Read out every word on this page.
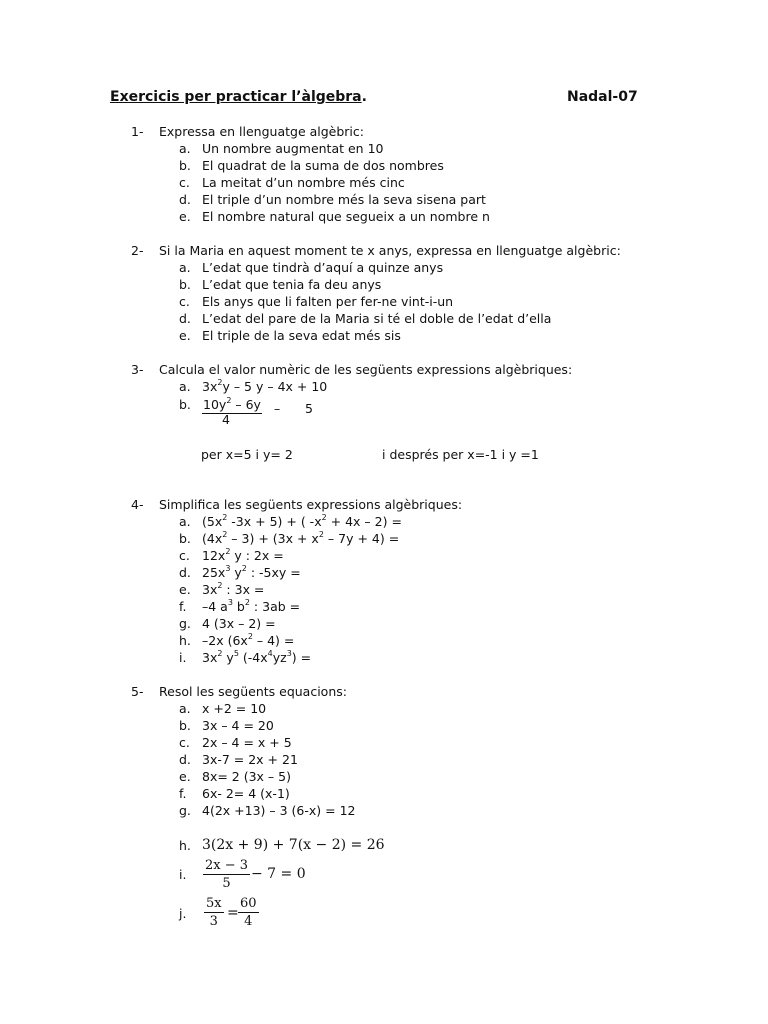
Exercicis per practicar l’àlgebra.	Nadal-07
1- Expressa en llenguatge algèbric:
a. Un nombre augmentat en 10
b. El quadrat de la suma de dos nombres
c. La meitat d’un nombre més cinc
d. El triple d’un nombre més la seva sisena part
e. El nombre natural que segueix a un nombre n
2- Si la Maria en aquest moment te x anys, expressa en llenguatge algèbric:
a. L’edat que tindrà d’aquí a quinze anys
b. L’edat que tenia fa deu anys
c. Els anys que li falten per fer-ne vint-i-un
d. L’edat del pare de la Maria si té el doble de l’edat d’ella
e. El triple de la seva edat més sis
3- Calcula el valor numèric de les següents expressions algèbriques:
a. $3x^2y - 5$ y – 4x + 10
b. $10y^2 - 6y$
4
– 5
per x=5 i y= 2	i després per x=-1 i y =1
4- Simplifica les següents expressions algèbriques:
a. ($5x^2$ -3x + 5) + ( $-x^2 + 4x - 2$) =
b. $(4x^2 - 3) + (3x + x^2 - 7y + 4)$ =
c. $12x^2$ y : 2x =
d. $25x^3$ $y^2$ : -5xy =
e. $3x^2$ : 3x =
f. –4 $a^3$ $b^2$ : 3ab =
g. 4 (3x – 2) =
h. –2x $(6x^2 - 4)$ =
i. $3x^2$ $y^5$ $(-4x^4yz^3)$ =
5- Resol les següents equacions:
a. x +2 = 10
b. 3x – 4 = 20
c. 2x – 4 = x + 5
d. 3x-7 = 2x + 21
e. 8x= 2 (3x – 5)
f. 6x- 2= 4 (x-1)
g. 4(2x +13) – 3 (6-x) = 12
h. 3(2x + 9) + 7(x − 2) = 26
i. $\frac{2x - 3}{5} - 7 = 0$
j. $\frac{5x}{3} = \frac{60}{4}$
